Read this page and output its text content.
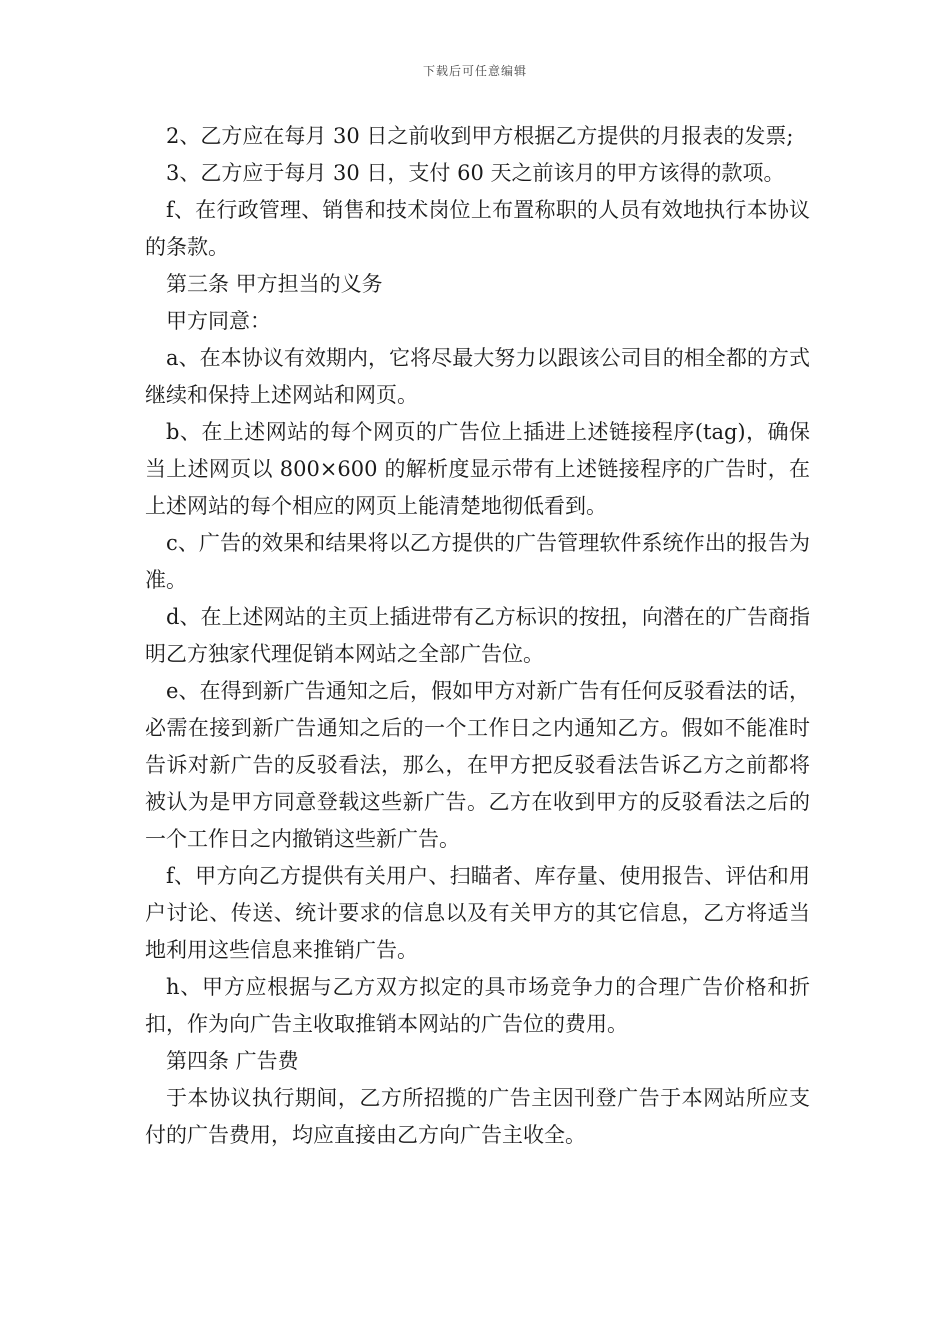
下载后可任意编辑

2、乙方应在每月 30 日之前收到甲方根据乙方提供的月报表的发票;

3、乙方应于每月 30 日，支付 60 天之前该月的甲方该得的款项。

f、在行政管理、销售和技术岗位上布置称职的人员有效地执行本协议的条款。

第三条 甲方担当的义务

甲方同意：

a、在本协议有效期内，它将尽最大努力以跟该公司目的相全都的方式继续和保持上述网站和网页。

b、在上述网站的每个网页的广告位上插进上述链接程序(tag)，确保当上述网页以 800×600 的解析度显示带有上述链接程序的广告时，在上述网站的每个相应的网页上能清楚地彻低看到。

c、广告的效果和结果将以乙方提供的广告管理软件系统作出的报告为准。

d、在上述网站的主页上插进带有乙方标识的按扭，向潜在的广告商指明乙方独家代理促销本网站之全部广告位。

e、在得到新广告通知之后，假如甲方对新广告有任何反驳看法的话，必需在接到新广告通知之后的一个工作日之内通知乙方。假如不能准时告诉对新广告的反驳看法，那么，在甲方把反驳看法告诉乙方之前都将被认为是甲方同意登载这些新广告。乙方在收到甲方的反驳看法之后的一个工作日之内撤销这些新广告。

f、甲方向乙方提供有关用户、扫瞄者、库存量、使用报告、评估和用户讨论、传送、统计要求的信息以及有关甲方的其它信息，乙方将适当地利用这些信息来推销广告。

h、甲方应根据与乙方双方拟定的具市场竞争力的合理广告价格和折扣，作为向广告主收取推销本网站的广告位的费用。

第四条 广告费

于本协议执行期间，乙方所招揽的广告主因刊登广告于本网站所应支付的广告费用，均应直接由乙方向广告主收全。
